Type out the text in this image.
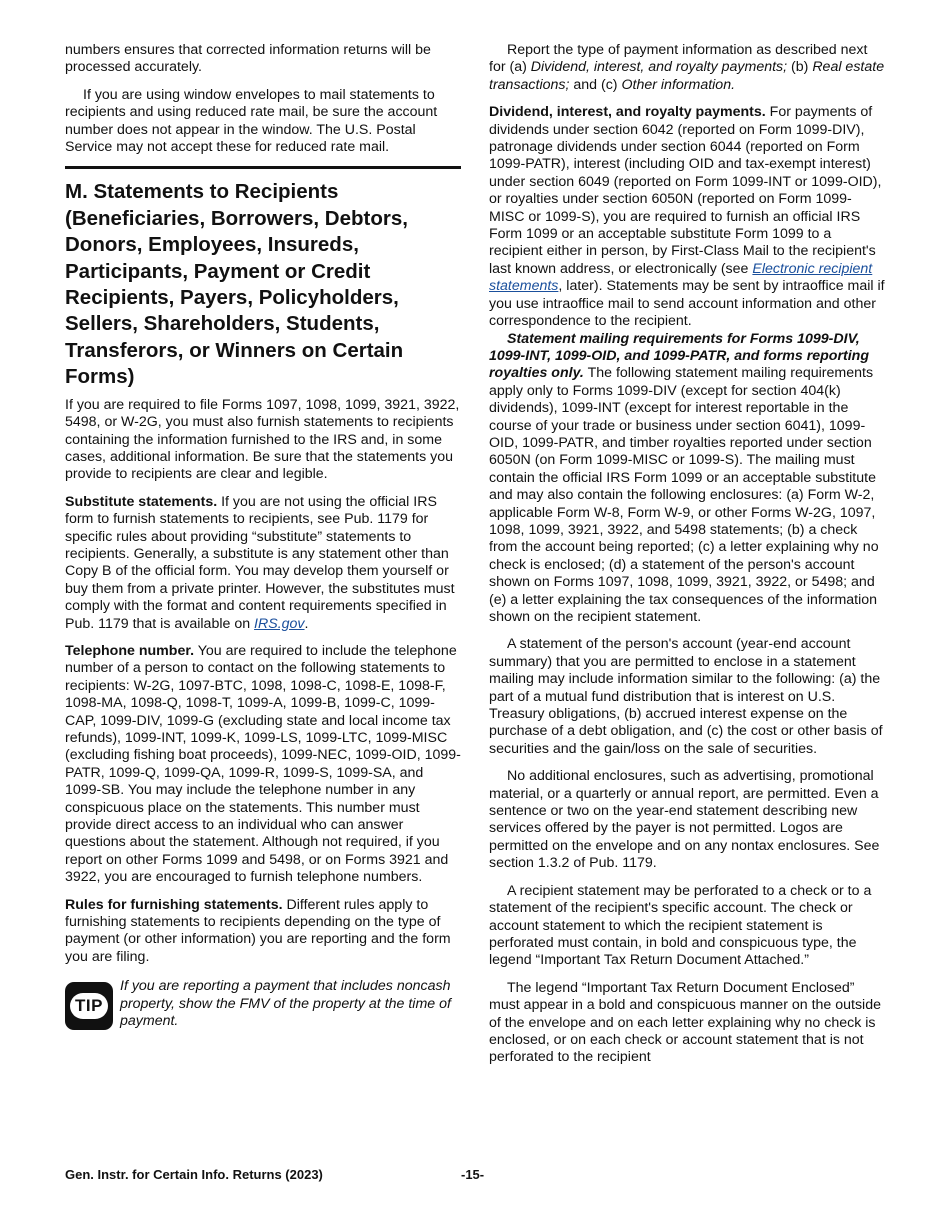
numbers ensures that corrected information returns will be processed accurately.

If you are using window envelopes to mail statements to recipients and using reduced rate mail, be sure the account number does not appear in the window. The U.S. Postal Service may not accept these for reduced rate mail.

M. Statements to Recipients (Beneficiaries, Borrowers, Debtors, Donors, Employees, Insureds, Participants, Payment or Credit Recipients, Payers, Policyholders, Sellers, Shareholders, Students, Transferors, or Winners on Certain Forms)

If you are required to file Forms 1097, 1098, 1099, 3921, 3922, 5498, or W-2G, you must also furnish statements to recipients containing the information furnished to the IRS and, in some cases, additional information. Be sure that the statements you provide to recipients are clear and legible.

Substitute statements. If you are not using the official IRS form to furnish statements to recipients, see Pub. 1179 for specific rules about providing “substitute” statements to recipients. Generally, a substitute is any statement other than Copy B of the official form. You may develop them yourself or buy them from a private printer. However, the substitutes must comply with the format and content requirements specified in Pub. 1179 that is available on IRS.gov.

Telephone number. You are required to include the telephone number of a person to contact on the following statements to recipients: W-2G, 1097-BTC, 1098, 1098-C, 1098-E, 1098-F, 1098-MA, 1098-Q, 1098-T, 1099-A, 1099-B, 1099-C, 1099-CAP, 1099-DIV, 1099-G (excluding state and local income tax refunds), 1099-INT, 1099-K, 1099-LS, 1099-LTC, 1099-MISC (excluding fishing boat proceeds), 1099-NEC, 1099-OID, 1099-PATR, 1099-Q, 1099-QA, 1099-R, 1099-S, 1099-SA, and 1099-SB. You may include the telephone number in any conspicuous place on the statements. This number must provide direct access to an individual who can answer questions about the statement. Although not required, if you report on other Forms 1099 and 5498, or on Forms 3921 and 3922, you are encouraged to furnish telephone numbers.

Rules for furnishing statements. Different rules apply to furnishing statements to recipients depending on the type of payment (or other information) you are reporting and the form you are filing.

TIP
If you are reporting a payment that includes noncash property, show the FMV of the property at the time of payment.

Report the type of payment information as described next for (a) Dividend, interest, and royalty payments; (b) Real estate transactions; and (c) Other information.

Dividend, interest, and royalty payments. For payments of dividends under section 6042 (reported on Form 1099-DIV), patronage dividends under section 6044 (reported on Form 1099-PATR), interest (including OID and tax-exempt interest) under section 6049 (reported on Form 1099-INT or 1099-OID), or royalties under section 6050N (reported on Form 1099-MISC or 1099-S), you are required to furnish an official IRS Form 1099 or an acceptable substitute Form 1099 to a recipient either in person, by First-Class Mail to the recipient's last known address, or electronically (see Electronic recipient statements, later). Statements may be sent by intraoffice mail if you use intraoffice mail to send account information and other correspondence to the recipient.

Statement mailing requirements for Forms 1099-DIV, 1099-INT, 1099-OID, and 1099-PATR, and forms reporting royalties only. The following statement mailing requirements apply only to Forms 1099-DIV (except for section 404(k) dividends), 1099-INT (except for interest reportable in the course of your trade or business under section 6041), 1099-OID, 1099-PATR, and timber royalties reported under section 6050N (on Form 1099-MISC or 1099-S). The mailing must contain the official IRS Form 1099 or an acceptable substitute and may also contain the following enclosures: (a) Form W-2, applicable Form W-8, Form W-9, or other Forms W-2G, 1097, 1098, 1099, 3921, 3922, and 5498 statements; (b) a check from the account being reported; (c) a letter explaining why no check is enclosed; (d) a statement of the person's account shown on Forms 1097, 1098, 1099, 3921, 3922, or 5498; and (e) a letter explaining the tax consequences of the information shown on the recipient statement.

A statement of the person's account (year-end account summary) that you are permitted to enclose in a statement mailing may include information similar to the following: (a) the part of a mutual fund distribution that is interest on U.S. Treasury obligations, (b) accrued interest expense on the purchase of a debt obligation, and (c) the cost or other basis of securities and the gain/loss on the sale of securities.

No additional enclosures, such as advertising, promotional material, or a quarterly or annual report, are permitted. Even a sentence or two on the year-end statement describing new services offered by the payer is not permitted. Logos are permitted on the envelope and on any nontax enclosures. See section 1.3.2 of Pub. 1179.

A recipient statement may be perforated to a check or to a statement of the recipient's specific account. The check or account statement to which the recipient statement is perforated must contain, in bold and conspicuous type, the legend “Important Tax Return Document Attached.”

The legend “Important Tax Return Document Enclosed” must appear in a bold and conspicuous manner on the outside of the envelope and on each letter explaining why no check is enclosed, or on each check or account statement that is not perforated to the recipient

Gen. Instr. for Certain Info. Returns (2023)	-15-
